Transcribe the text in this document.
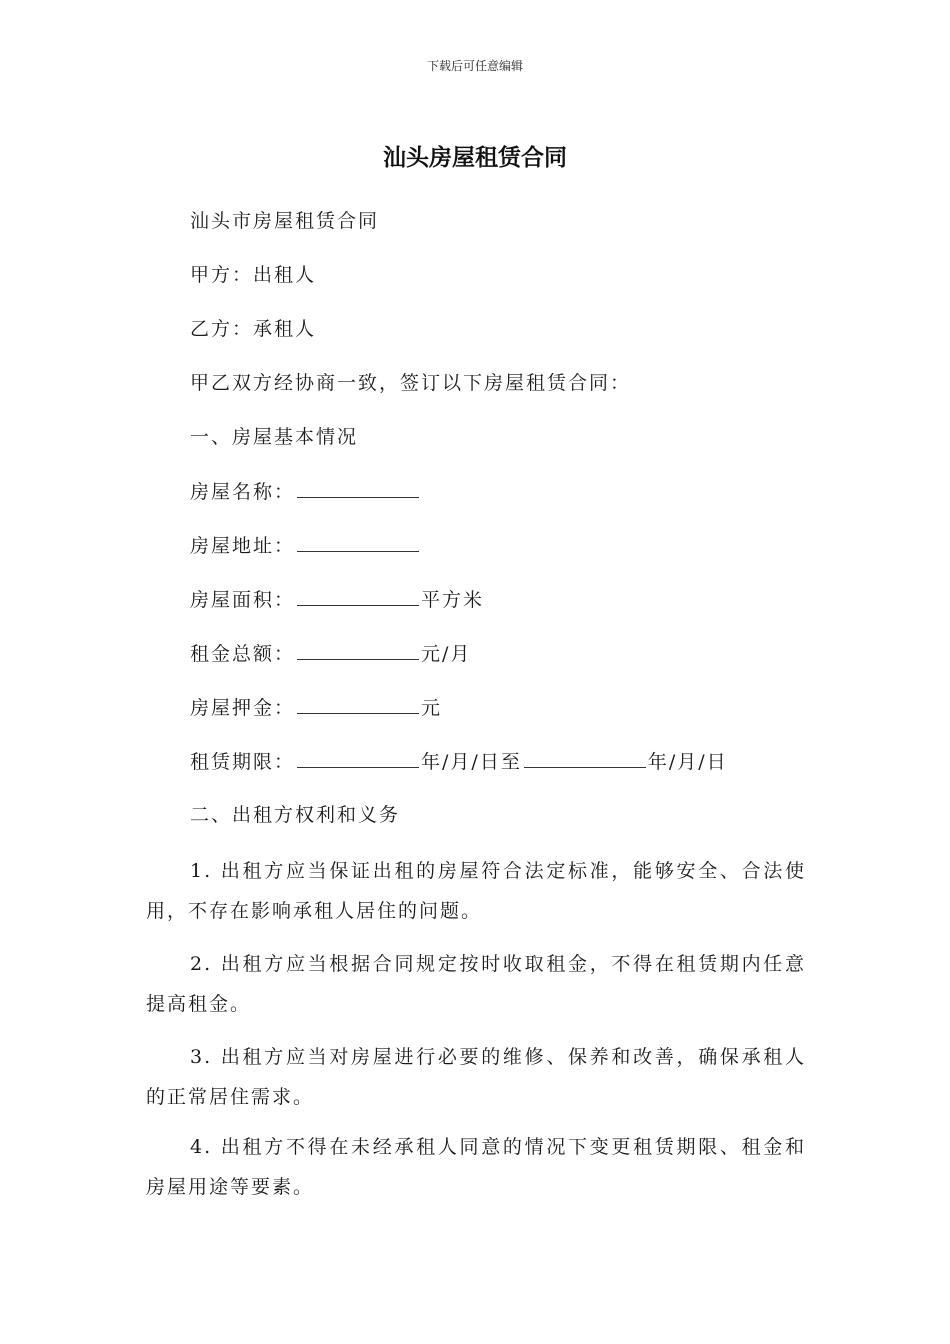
下载后可任意编辑
汕头房屋租赁合同
汕头市房屋租赁合同
甲方：出租人
乙方：承租人
甲乙双方经协商一致，签订以下房屋租赁合同：
一、房屋基本情况
房屋名称：
房屋地址：
房屋面积：	平方米
租金总额：	元/月
房屋押金：	元
租赁期限：	年/月/日至	年/月/日
二、出租方权利和义务
1. 出租方应当保证出租的房屋符合法定标准，能够安全、合法使用，不存在影响承租人居住的问题。
2. 出租方应当根据合同规定按时收取租金，不得在租赁期内任意提高租金。
3. 出租方应当对房屋进行必要的维修、保养和改善，确保承租人的正常居住需求。
4. 出租方不得在未经承租人同意的情况下变更租赁期限、租金和房屋用途等要素。
